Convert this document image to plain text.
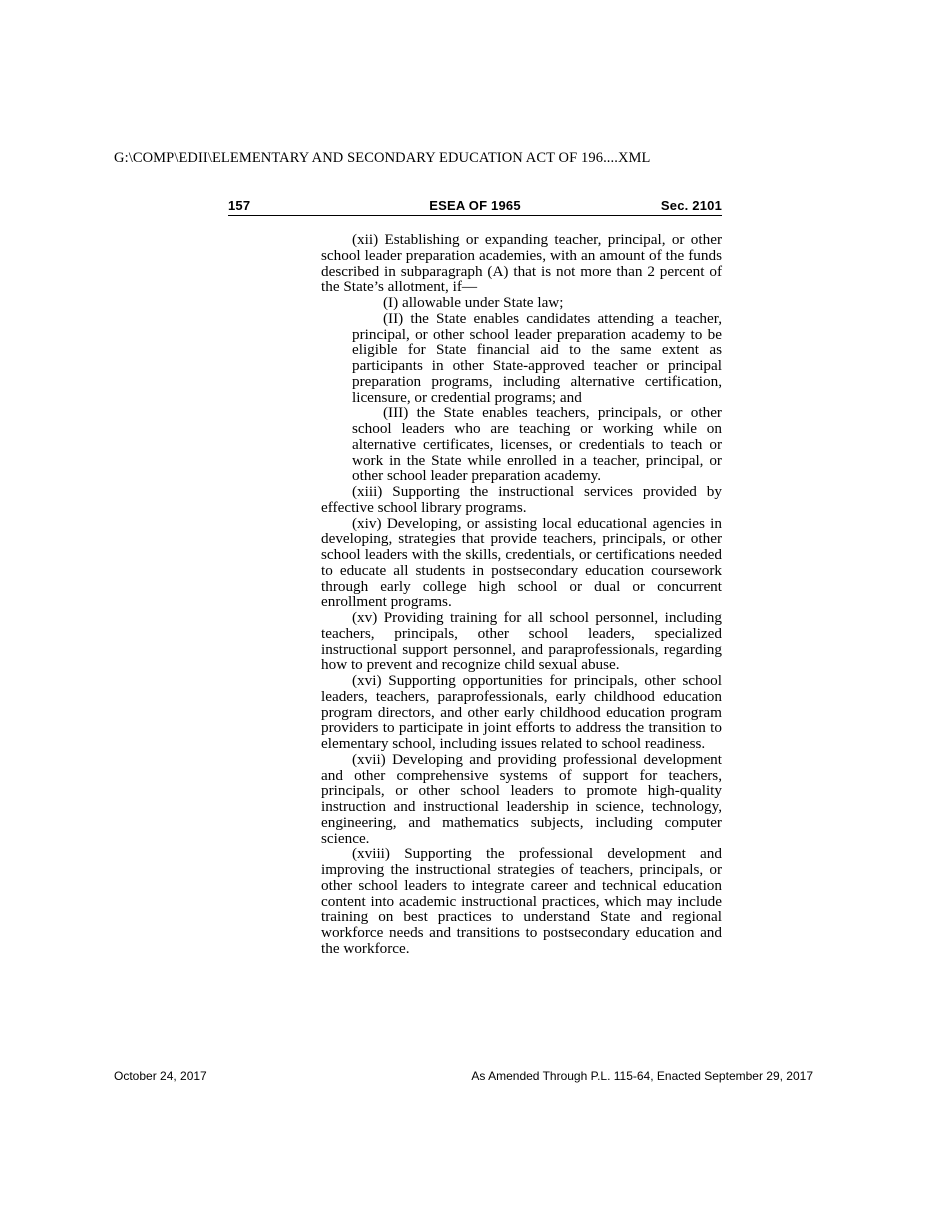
G:\COMP\EDII\ELEMENTARY AND SECONDARY EDUCATION ACT OF 196....XML
157	ESEA OF 1965	Sec. 2101

(xii) Establishing or expanding teacher, principal, or other school leader preparation academies, with an amount of the funds described in subparagraph (A) that is not more than 2 percent of the State’s allotment, if—

(I) allowable under State law;

(II) the State enables candidates attending a teacher, principal, or other school leader preparation academy to be eligible for State financial aid to the same extent as participants in other State-approved teacher or principal preparation programs, including alternative certification, licensure, or credential programs; and

(III) the State enables teachers, principals, or other school leaders who are teaching or working while on alternative certificates, licenses, or credentials to teach or work in the State while enrolled in a teacher, principal, or other school leader preparation academy.

(xiii) Supporting the instructional services provided by effective school library programs.

(xiv) Developing, or assisting local educational agencies in developing, strategies that provide teachers, principals, or other school leaders with the skills, credentials, or certifications needed to educate all students in postsecondary education coursework through early college high school or dual or concurrent enrollment programs.

(xv) Providing training for all school personnel, including teachers, principals, other school leaders, specialized instructional support personnel, and paraprofessionals, regarding how to prevent and recognize child sexual abuse.

(xvi) Supporting opportunities for principals, other school leaders, teachers, paraprofessionals, early childhood education program directors, and other early childhood education program providers to participate in joint efforts to address the transition to elementary school, including issues related to school readiness.

(xvii) Developing and providing professional development and other comprehensive systems of support for teachers, principals, or other school leaders to promote high-quality instruction and instructional leadership in science, technology, engineering, and mathematics subjects, including computer science.

(xviii) Supporting the professional development and improving the instructional strategies of teachers, principals, or other school leaders to integrate career and technical education content into academic instructional practices, which may include training on best practices to understand State and regional workforce needs and transitions to postsecondary education and the workforce.

October 24, 2017	As Amended Through P.L. 115-64, Enacted September 29, 2017
